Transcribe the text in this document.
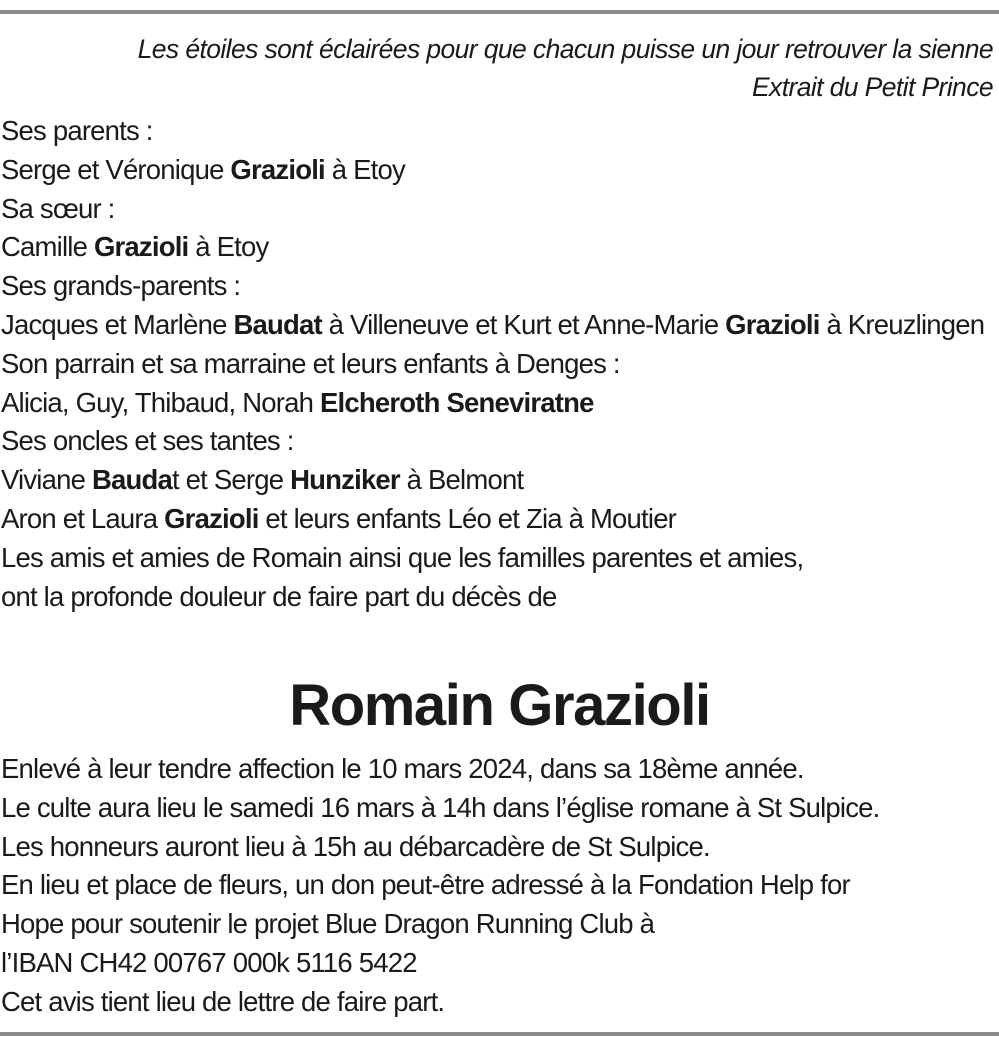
Les étoiles sont éclairées pour que chacun puisse un jour retrouver la sienne
Extrait du Petit Prince
Ses parents :
Serge et Véronique Grazioli à Etoy
Sa sœur :
Camille Grazioli à Etoy
Ses grands-parents :
Jacques et Marlène Baudat à Villeneuve et Kurt et Anne-Marie Grazioli à Kreuzlingen
Son parrain et sa marraine et leurs enfants à Denges :
Alicia, Guy, Thibaud, Norah Elcheroth Seneviratne
Ses oncles et ses tantes :
Viviane Baudat et Serge Hunziker à Belmont
Aron et Laura Grazioli et leurs enfants Léo et Zia à Moutier
Les amis et amies de Romain ainsi que les familles parentes et amies,
ont la profonde douleur de faire part du décès de
Romain Grazioli
Enlevé à leur tendre affection le 10 mars 2024, dans sa 18ème année.
Le culte aura lieu le samedi 16 mars à 14h dans l’église romane à St Sulpice.
Les honneurs auront lieu à 15h au débarcadère de St Sulpice.
En lieu et place de fleurs, un don peut-être adressé à la Fondation Help for
Hope pour soutenir le projet Blue Dragon Running Club à
l’IBAN CH42 00767 000k 5116 5422
Cet avis tient lieu de lettre de faire part.
